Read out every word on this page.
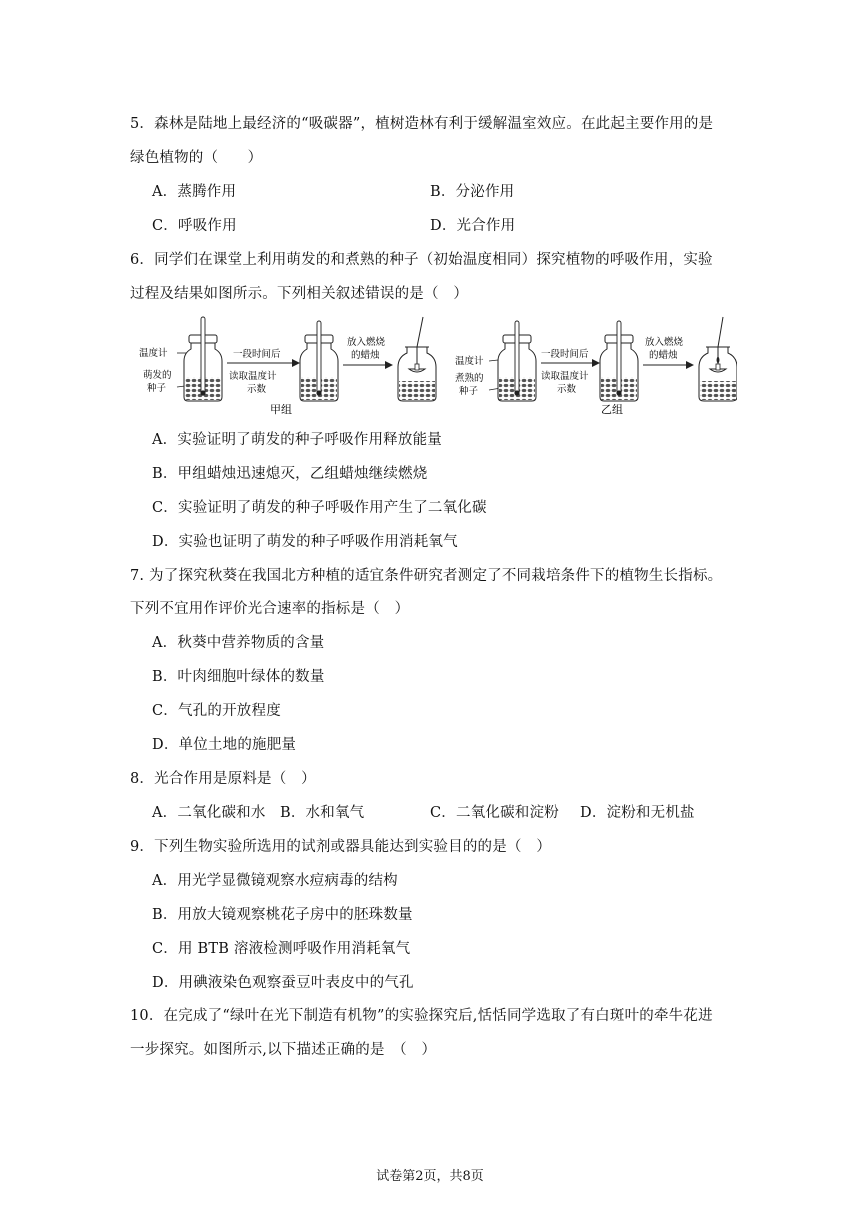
5．森林是陆地上最经济的“吸碳器”，植树造林有利于缓解温室效应。在此起主要作用的是
绿色植物的（　　）
A．蒸腾作用	B．分泌作用
C．呼吸作用	D．光合作用
6．同学们在课堂上利用萌发的和煮熟的种子（初始温度相同）探究植物的呼吸作用，实验
过程及结果如图所示。下列相关叙述错误的是（　）
温度计
萌发的
种子
一段时间后
读取温度计
示数
放入燃烧
的蜡烛
甲组
温度计
煮熟的
种子
一段时间后
读取温度计
示数
放入燃烧
的蜡烛
乙组
A．实验证明了萌发的种子呼吸作用释放能量
B．甲组蜡烛迅速熄灭，乙组蜡烛继续燃烧
C．实验证明了萌发的种子呼吸作用产生了二氧化碳
D．实验也证明了萌发的种子呼吸作用消耗氧气
7. 为了探究秋葵在我国北方种植的适宜条件研究者测定了不同栽培条件下的植物生长指标。
下列不宜用作评价光合速率的指标是（　）
A．秋葵中营养物质的含量
B．叶肉细胞叶绿体的数量
C．气孔的开放程度
D．单位土地的施肥量
8．光合作用是原料是（　）
A．二氧化碳和水 B．水和氧气	C．二氧化碳和淀粉 D．淀粉和无机盐
9．下列生物实验所选用的试剂或器具能达到实验目的的是（　）
A．用光学显微镜观察水痘病毒的结构
B．用放大镜观察桃花子房中的胚珠数量
C．用 BTB 溶液检测呼吸作用消耗氧气
D．用碘液染色观察蚕豆叶表皮中的气孔
10．在完成了“绿叶在光下制造有机物”的实验探究后,恬恬同学选取了有白斑叶的牵牛花进
一步探究。如图所示,以下描述正确的是　（　）
试卷第2页，共8页
